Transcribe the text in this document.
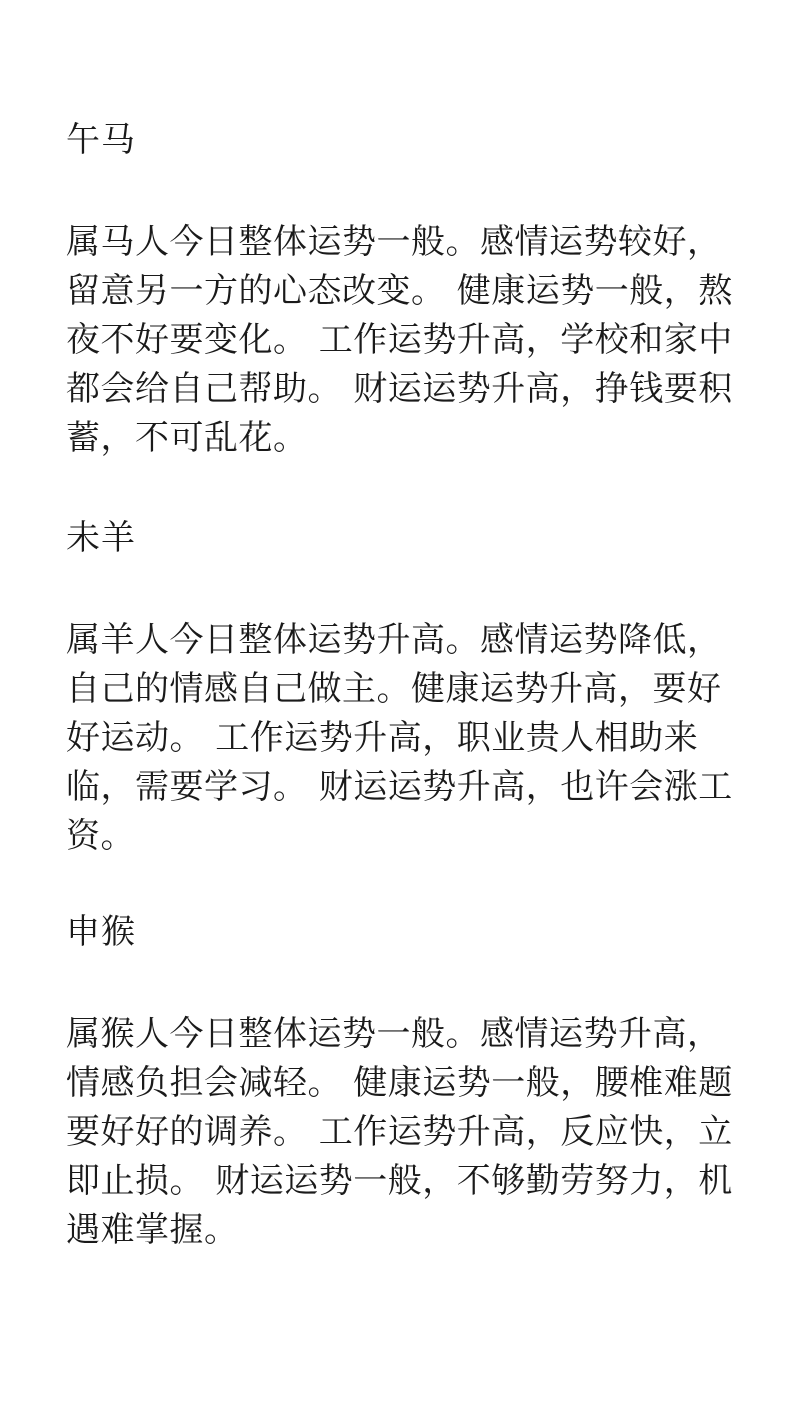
午马

属马人今日整体运势一般。感情运势较好，留意另一方的心态改变。 健康运势一般，熬夜不好要变化。 工作运势升高，学校和家中都会给自己帮助。 财运运势升高，挣钱要积蓄，不可乱花。

未羊

属羊人今日整体运势升高。感情运势降低，自己的情感自己做主。健康运势升高，要好好运动。 工作运势升高，职业贵人相助来临，需要学习。 财运运势升高，也许会涨工资。

申猴

属猴人今日整体运势一般。感情运势升高，情感负担会减轻。 健康运势一般，腰椎难题要好好的调养。 工作运势升高，反应快，立即止损。 财运运势一般，不够勤劳努力，机遇难掌握。
